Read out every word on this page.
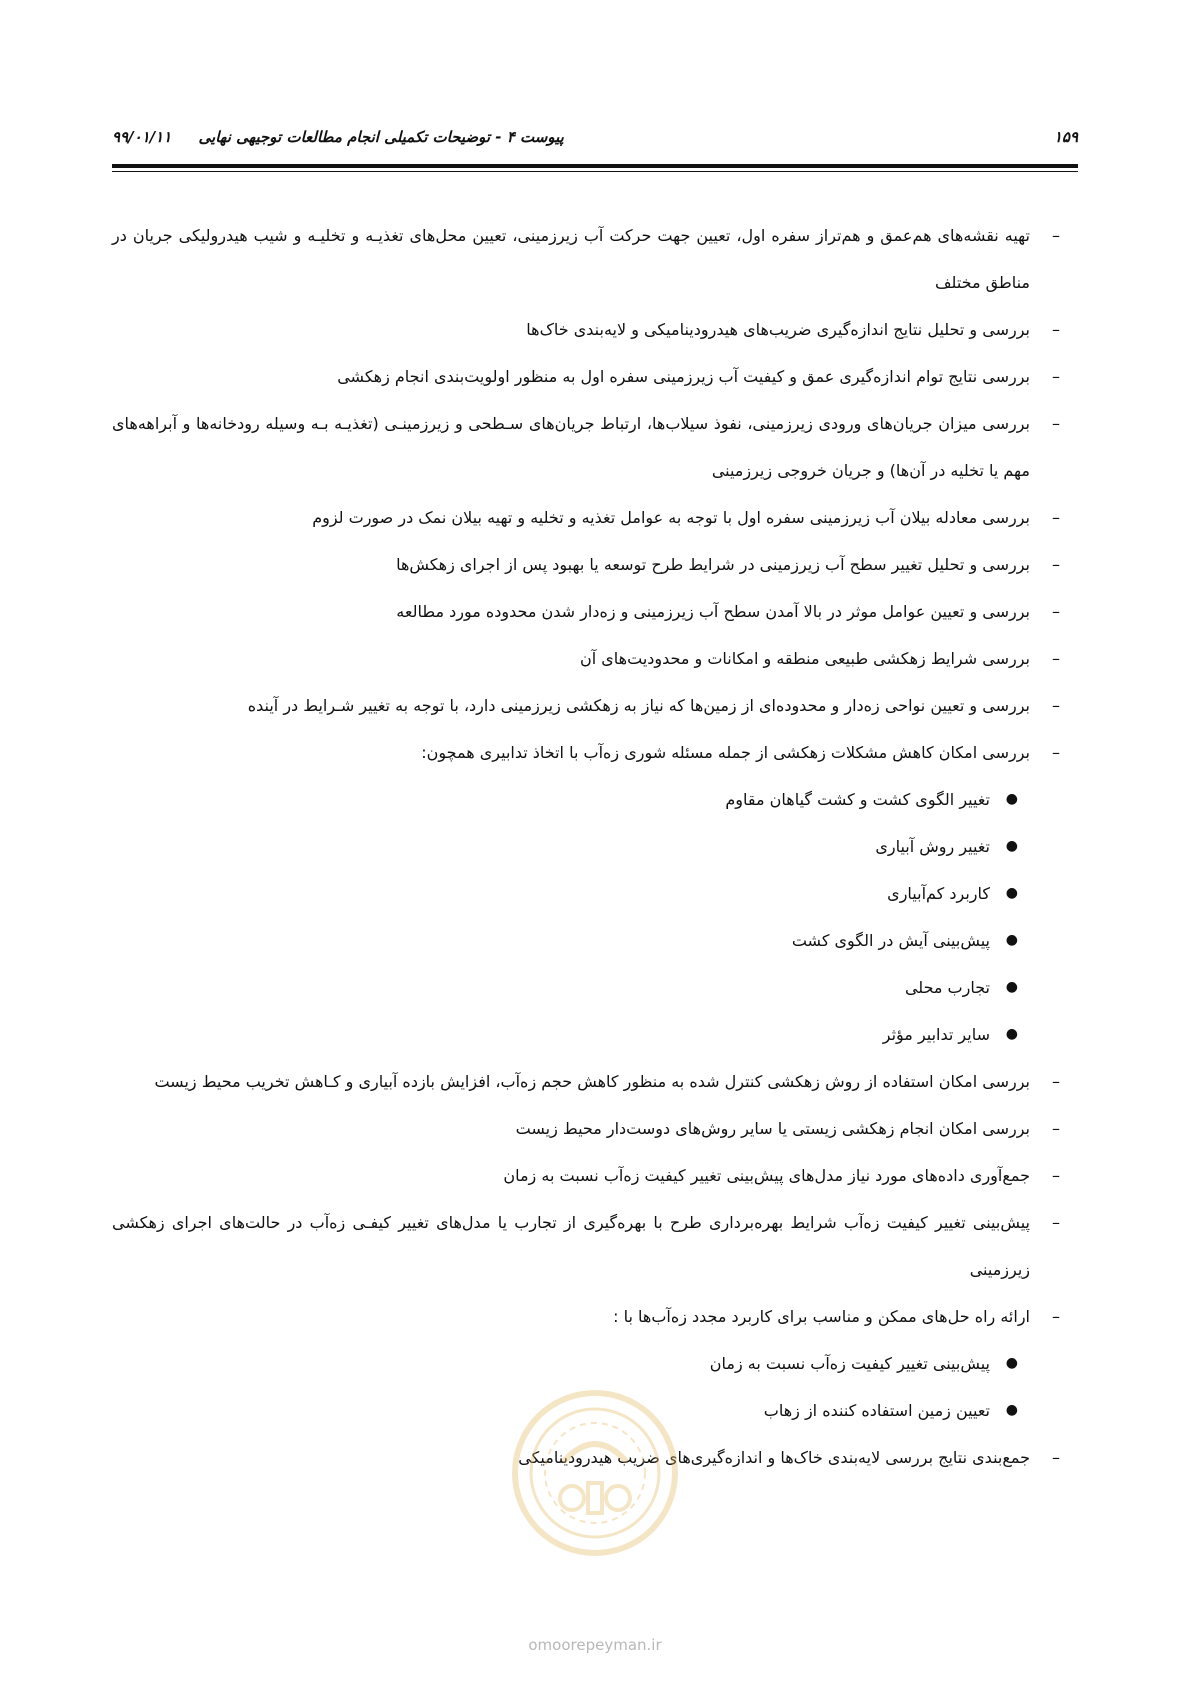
پیوست ۴ - توضیحات تکمیلی انجام مطالعات توجیهی نهایی ۹۹/۰۱/۱۱	۱۵۹
–
تهیه نقشه‌های هم‌عمق و هم‌تراز سفره اول، تعیین جهت حرکت آب زیرزمینی، تعیین محل‌های تغذیـه و تخلیـه و شیب هیدرولیکی جریان در مناطق مختلف
–
بررسی و تحلیل نتایج اندازه‌گیری ضریب‌های هیدرودینامیکی و لایه‌بندی خاک‌ها
–
بررسی نتایج توام اندازه‌گیری عمق و کیفیت آب زیرزمینی سفره اول به منظور اولویت‌بندی انجام زهکشی
–
بررسی میزان جریان‌های ورودی زیرزمینی، نفوذ سیلاب‌ها، ارتباط جریان‌های سـطحی و زیرزمینـی (تغذیـه بـه وسیله رودخانه‌ها و آبراهه‌های مهم یا تخلیه در آن‌ها) و جریان خروجی زیرزمینی
–
بررسی معادله بیلان آب زیرزمینی سفره اول با توجه به عوامل تغذیه و تخلیه و تهیه بیلان نمک در صورت لزوم
–
بررسی و تحلیل تغییر سطح آب زیرزمینی در شرایط طرح توسعه یا بهبود پس از اجرای زهکش‌ها
–
بررسی و تعیین عوامل موثر در بالا آمدن سطح آب زیرزمینی و زه‌دار شدن محدوده مورد مطالعه
–
بررسی شرایط زهکشی طبیعی منطقه و امکانات و محدودیت‌های آن
–
بررسی و تعیین نواحی زه‌دار و محدوده‌ای از زمین‌ها که نیاز به زهکشی زیرزمینی دارد، با توجه به تغییر شـرایط در آینده
–
بررسی امکان کاهش مشکلات زهکشی از جمله مسئله شوری زه‌آب با اتخاذ تدابیری همچون:
●
تغییر الگوی کشت و کشت گیاهان مقاوم
●
تغییر روش آبیاری
●
کاربرد کم‌آبیاری
●
پیش‌بینی آیش در الگوی کشت
●
تجارب محلی
●
سایر تدابیر مؤثر
–
بررسی امکان استفاده از روش زهکشی کنترل شده به منظور کاهش حجم زه‌آب، افزایش بازده آبیاری و کـاهش تخریب محیط زیست
–
بررسی امکان انجام زهکشی زیستی یا سایر روش‌های دوست‌دار محیط زیست
–
جمع‌آوری داده‌های مورد نیاز مدل‌های پیش‌بینی تغییر کیفیت زه‌آب نسبت به زمان
–
پیش‌بینی تغییر کیفیت زه‌آب شرایط بهره‌برداری طرح با بهره‌گیری از تجارب یا مدل‌های تغییر کیفـی زه‌آب در حالت‌های اجرای زهکشی زیرزمینی
–
ارائه راه حل‌های ممکن و مناسب برای کاربرد مجدد زه‌آب‌ها با :
●
پیش‌بینی تغییر کیفیت زه‌آب نسبت به زمان
●
تعیین زمین استفاده کننده از زهاب
–
جمع‌بندی نتایج بررسی لایه‌بندی خاک‌ها و اندازه‌گیری‌های ضریب هیدرودینامیکی
omoorepeyman.ir
